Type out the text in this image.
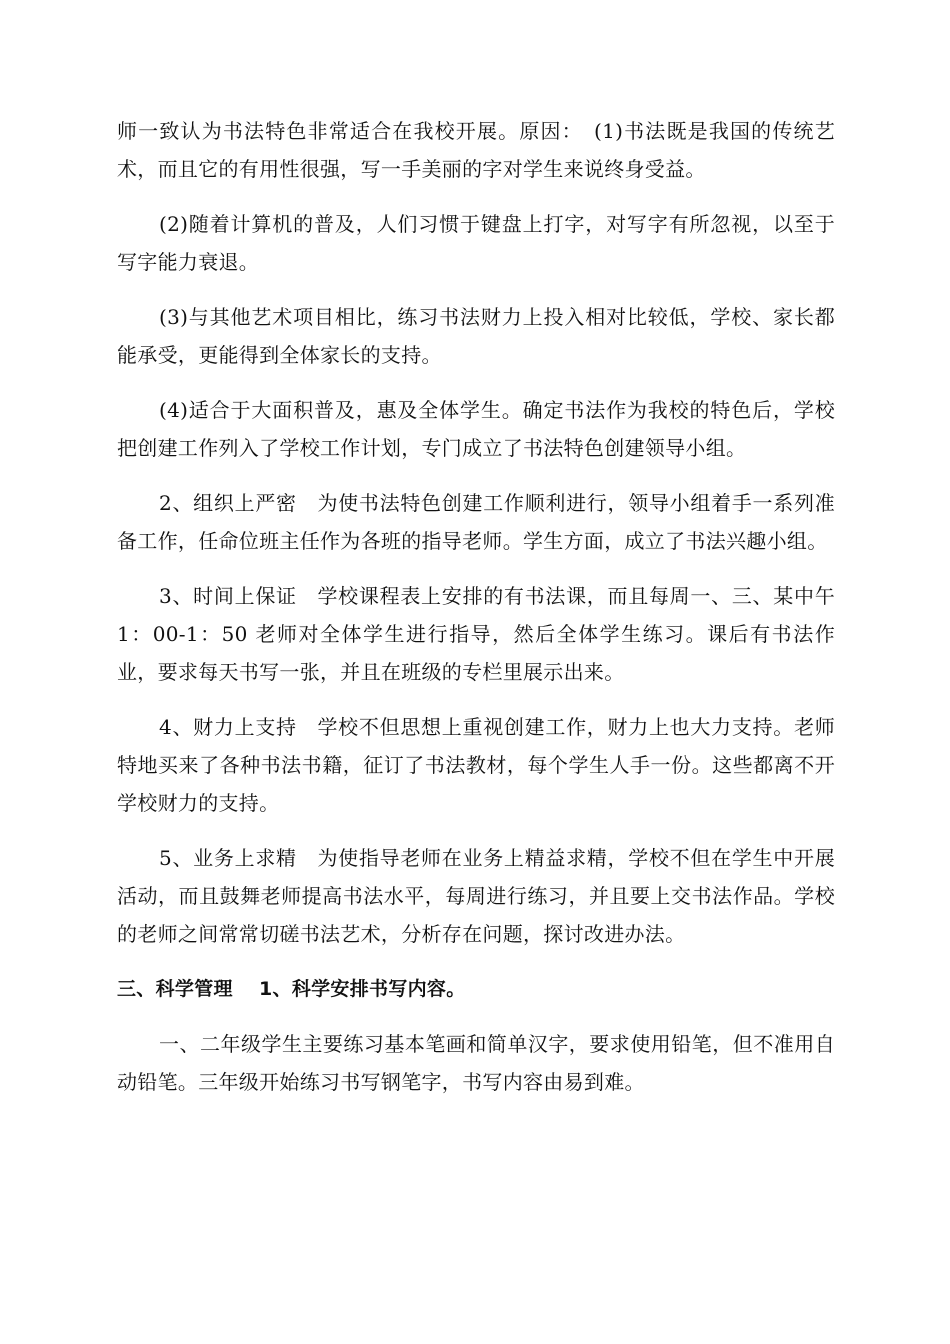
师一致认为书法特色非常适合在我校开展。原因：　(1)书法既是我国的传统艺术，而且它的有用性很强，写一手美丽的字对学生来说终身受益。

(2)随着计算机的普及，人们习惯于键盘上打字，对写字有所忽视，以至于写字能力衰退。

(3)与其他艺术项目相比，练习书法财力上投入相对比较低，学校、家长都能承受，更能得到全体家长的支持。

(4)适合于大面积普及，惠及全体学生。确定书法作为我校的特色后，学校把创建工作列入了学校工作计划，专门成立了书法特色创建领导小组。

2、组织上严密　为使书法特色创建工作顺利进行，领导小组着手一系列准备工作，任命位班主任作为各班的指导老师。学生方面，成立了书法兴趣小组。

3、时间上保证　学校课程表上安排的有书法课，而且每周一、三、某中午 1：00-1：50 老师对全体学生进行指导，然后全体学生练习。课后有书法作业，要求每天书写一张，并且在班级的专栏里展示出来。

4、财力上支持　学校不但思想上重视创建工作，财力上也大力支持。老师特地买来了各种书法书籍，征订了书法教材，每个学生人手一份。这些都离不开学校财力的支持。

5、业务上求精　为使指导老师在业务上精益求精，学校不但在学生中开展活动，而且鼓舞老师提高书法水平，每周进行练习，并且要上交书法作品。学校的老师之间常常切磋书法艺术，分析存在问题，探讨改进办法。

三、科学管理　 1、科学安排书写内容。

一、二年级学生主要练习基本笔画和简单汉字，要求使用铅笔，但不准用自动铅笔。三年级开始练习书写钢笔字，书写内容由易到难。
